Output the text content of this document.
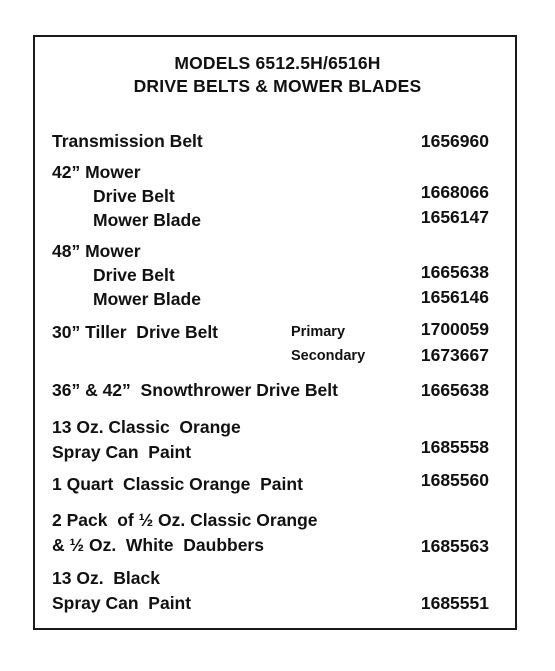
MODELS 6512.5H/6516H
DRIVE BELTS & MOWER BLADES
Transmission Belt	1656960
42” Mower
Drive Belt	1668066
Mower Blade	1656147
48” Mower
Drive Belt	1665638
Mower Blade	1656146
30” Tiller  Drive Belt	Primary	1700059
Secondary	1673667
36” & 42”  Snowthrower Drive Belt	1665638
13 Oz. Classic  Orange
Spray Can  Paint	1685558
1 Quart  Classic Orange  Paint	1685560
2 Pack  of ½ Oz. Classic Orange
& ½ Oz.  White  Daubbers	1685563
13 Oz.  Black
Spray Can  Paint	1685551
